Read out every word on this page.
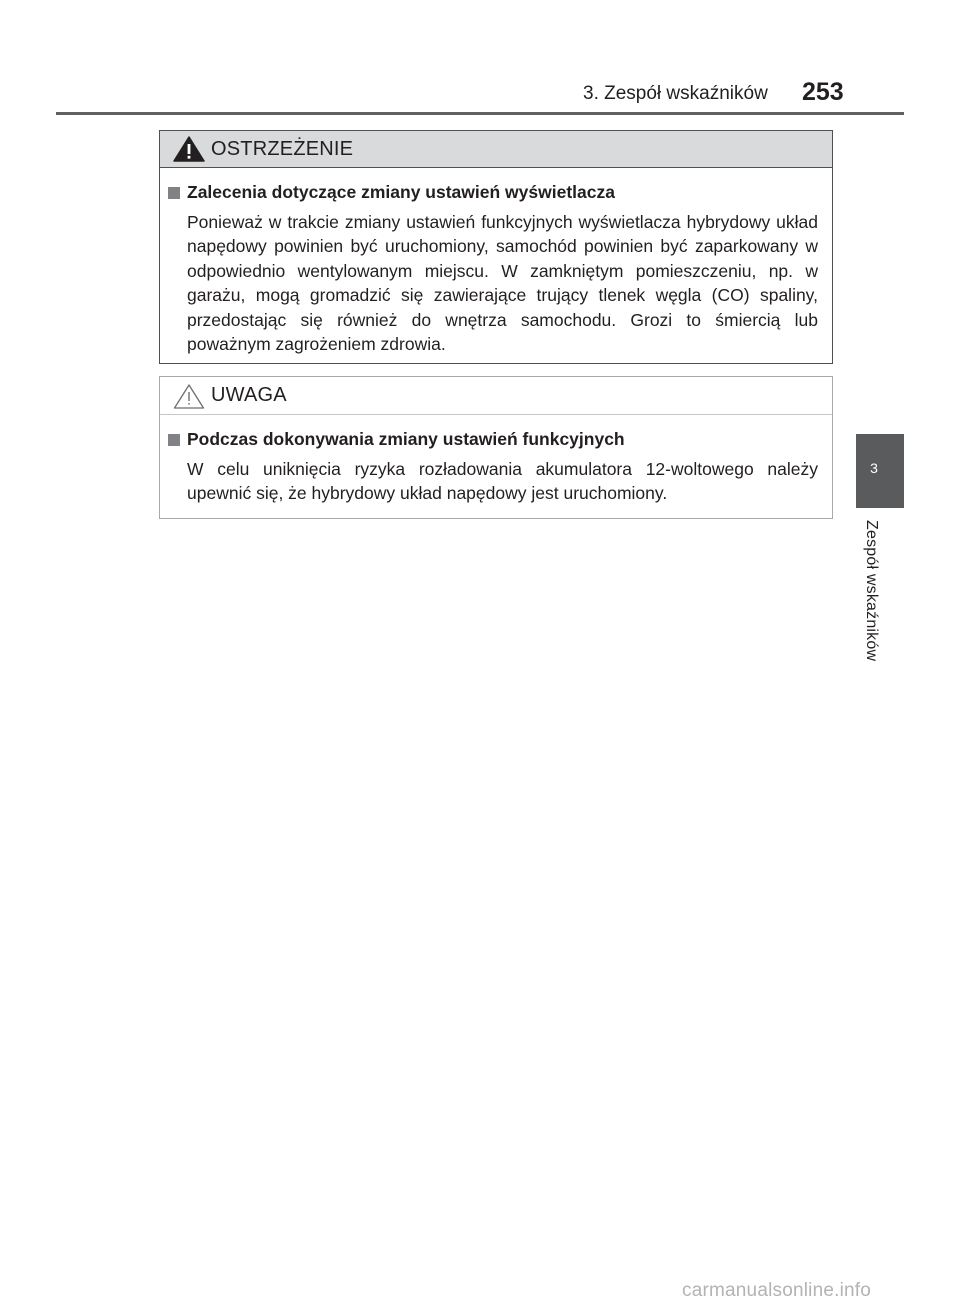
3. Zespół wskaźników 253
OSTRZEŻENIE
Zalecenia dotyczące zmiany ustawień wyświetlacza
Ponieważ w trakcie zmiany ustawień funkcyjnych wyświetlacza hybrydowy układ napędowy powinien być uruchomiony, samochód powinien być zaparkowany w odpowiednio wentylowanym miejscu. W zamkniętym pomieszczeniu, np. w garażu, mogą gromadzić się zawierające trujący tlenek węgla (CO) spaliny, przedostając się również do wnętrza samochodu. Grozi to śmiercią lub poważnym zagrożeniem zdrowia.
UWAGA
Podczas dokonywania zmiany ustawień funkcyjnych
W celu uniknięcia ryzyka rozładowania akumulatora 12-woltowego należy upewnić się, że hybrydowy układ napędowy jest uruchomiony.
3
Zespół wskaźników
carmanualsonline.info
